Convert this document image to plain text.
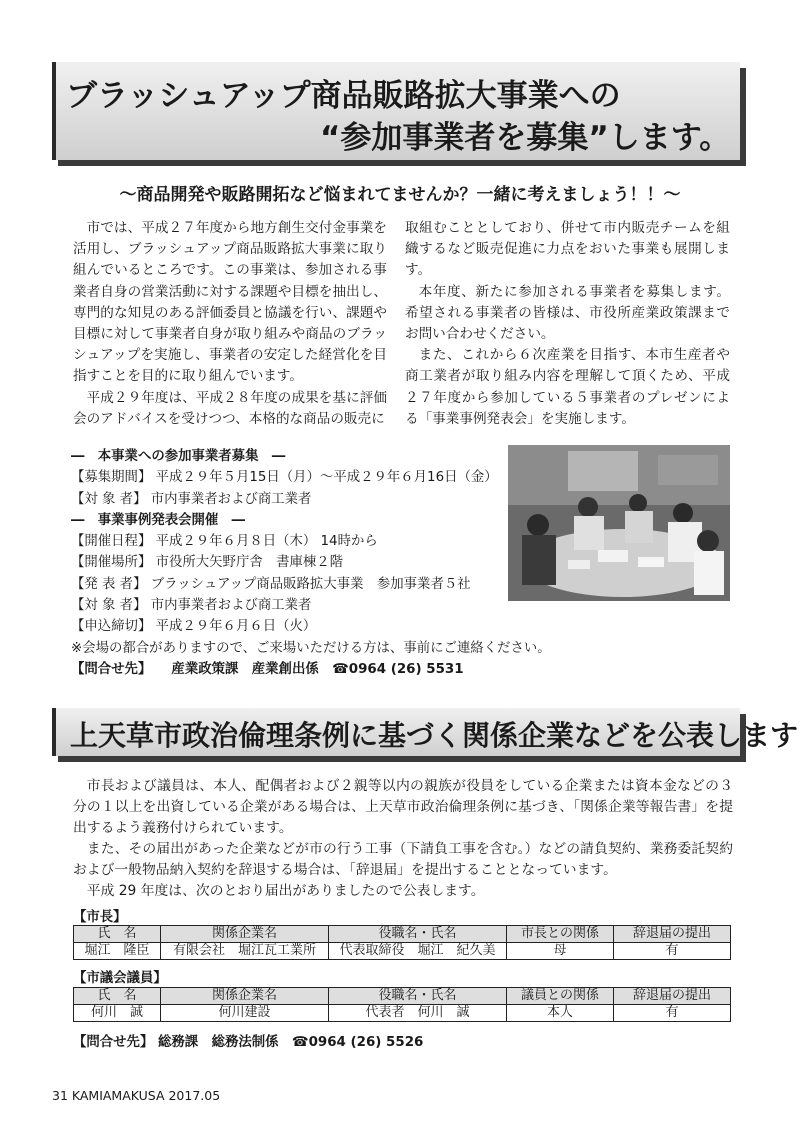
ブラッシュアップ商品販路拡大事業への
“参加事業者を募集”します。
～商品開発や販路開拓など悩まれてませんか？一緒に考えましょう！！～

市では、平成２７年度から地方創生交付金事業を活用し、ブラッシュアップ商品販路拡大事業に取り組んでいるところです。この事業は、参加される事業者自身の営業活動に対する課題や目標を抽出し、専門的な知見のある評価委員と協議を行い、課題や目標に対して事業者自身が取り組みや商品のブラッシュアップを実施し、事業者の安定した経営化を目指すことを目的に取り組んでいます。

平成２９年度は、平成２８年度の成果を基に評価会のアドバイスを受けつつ、本格的な商品の販売に

取組むこととしており、併せて市内販売チームを組織するなど販売促進に力点をおいた事業も展開します。

本年度、新たに参加される事業者を募集します。希望される事業者の皆様は、市役所産業政策課までお問い合わせください。

また、これから６次産業を目指す、本市生産者や商工業者が取り組み内容を理解して頂くため、平成２７年度から参加している５事業者のプレゼンによる「事業事例発表会」を実施します。

―　本事業への参加事業者募集　―
【募集期間】 平成２９年５月15日（月）～平成２９年６月16日（金）
【対 象 者】 市内事業者および商工業者
―　事業事例発表会開催　―
【開催日程】 平成２９年６月８日（木） 14時から
【開催場所】 市役所大矢野庁舎　書庫棟２階
【発 表 者】 ブラッシュアップ商品販路拡大事業　参加事業者５社
【対 象 者】 市内事業者および商工業者
【申込締切】 平成２９年６月６日（火）
※会場の都合がありますので、ご来場いただける方は、事前にご連絡ください。
【問合せ先】　　産業政策課　産業創出係　☎0964 (26) 5531
上天草市政治倫理条例に基づく関係企業などを公表します

市長および議員は、本人、配偶者および２親等以内の親族が役員をしている企業または資本金などの３分の１以上を出資している企業がある場合は、上天草市政治倫理条例に基づき、「関係企業等報告書」を提出するよう義務付けられています。

また、その届出があった企業などが市の行う工事（下請負工事を含む。）などの請負契約、業務委託契約および一般物品納入契約を辞退する場合は、「辞退届」を提出することとなっています。

平成 29 年度は、次のとおり届出がありましたので公表します。

【市長】
氏　名	関係企業名	役職名・氏名	市長との関係	辞退届の提出
堀江　隆臣	有限会社　堀江瓦工業所	代表取締役　堀江　紀久美	母	有
【市議会議員】
氏　名	関係企業名	役職名・氏名	議員との関係	辞退届の提出
何川　誠	何川建設	代表者　何川　誠	本人	有
【問合せ先】 総務課　総務法制係　☎0964 (26) 5526
31 KAMIAMAKUSA 2017.05
